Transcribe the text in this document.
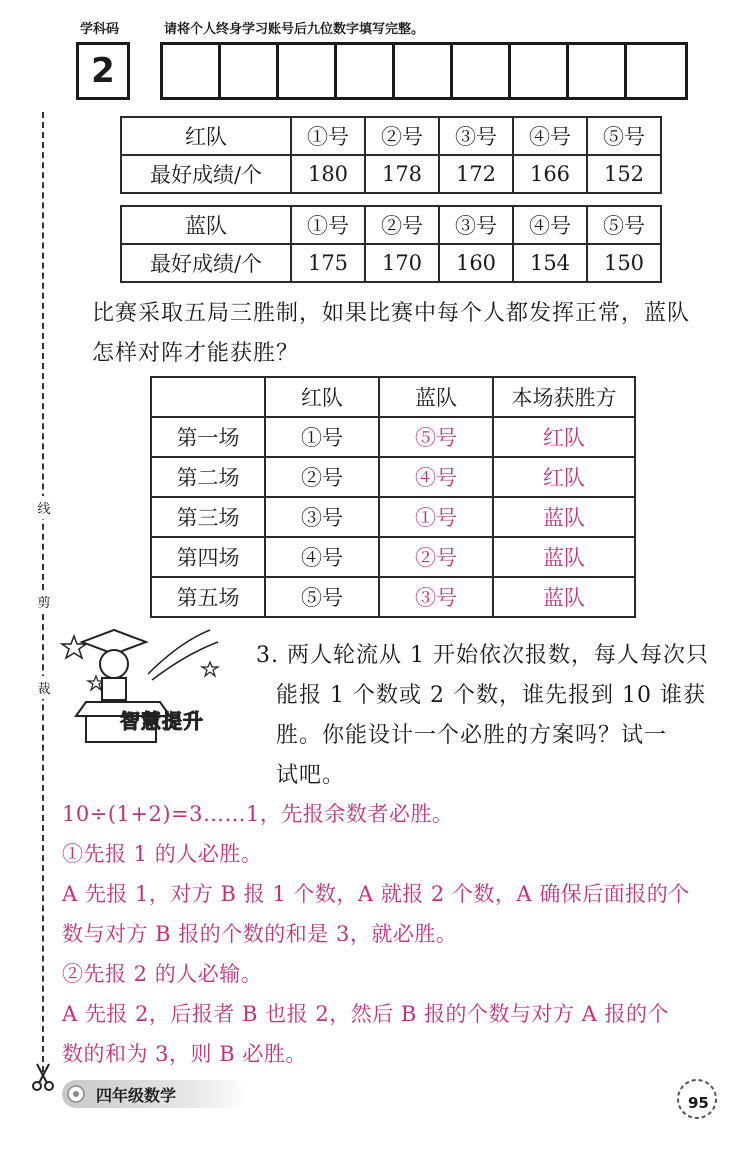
学科码	请将个人终身学习账号后九位数字填写完整。
2
线
剪
裁
红队	①号	②号	③号	④号	⑤号
最好成绩/个	180	178	172	166	152
蓝队	①号	②号	③号	④号	⑤号
最好成绩/个	175	170	160	154	150
比赛采取五局三胜制，如果比赛中每个人都发挥正常，蓝队
怎样对阵才能获胜？
	红队	蓝队	本场获胜方
第一场	①号	⑤号	红队
第二场	②号	④号	红队
第三场	③号	①号	蓝队
第四场	④号	②号	蓝队
第五场	⑤号	③号	蓝队
智慧提升
3. 两人轮流从 1 开始依次报数，每人每次只
能报 1 个数或 2 个数，谁先报到 10 谁获
胜。你能设计一个必胜的方案吗？试一
试吧。
10÷(1+2)=3……1，先报余数者必胜。
①先报 1 的人必胜。
A 先报 1，对方 B 报 1 个数，A 就报 2 个数，A 确保后面报的个
数与对方 B 报的个数的和是 3，就必胜。
②先报 2 的人必输。
A 先报 2，后报者 B 也报 2，然后 B 报的个数与对方 A 报的个
数的和为 3，则 B 必胜。
四年级数学	95
